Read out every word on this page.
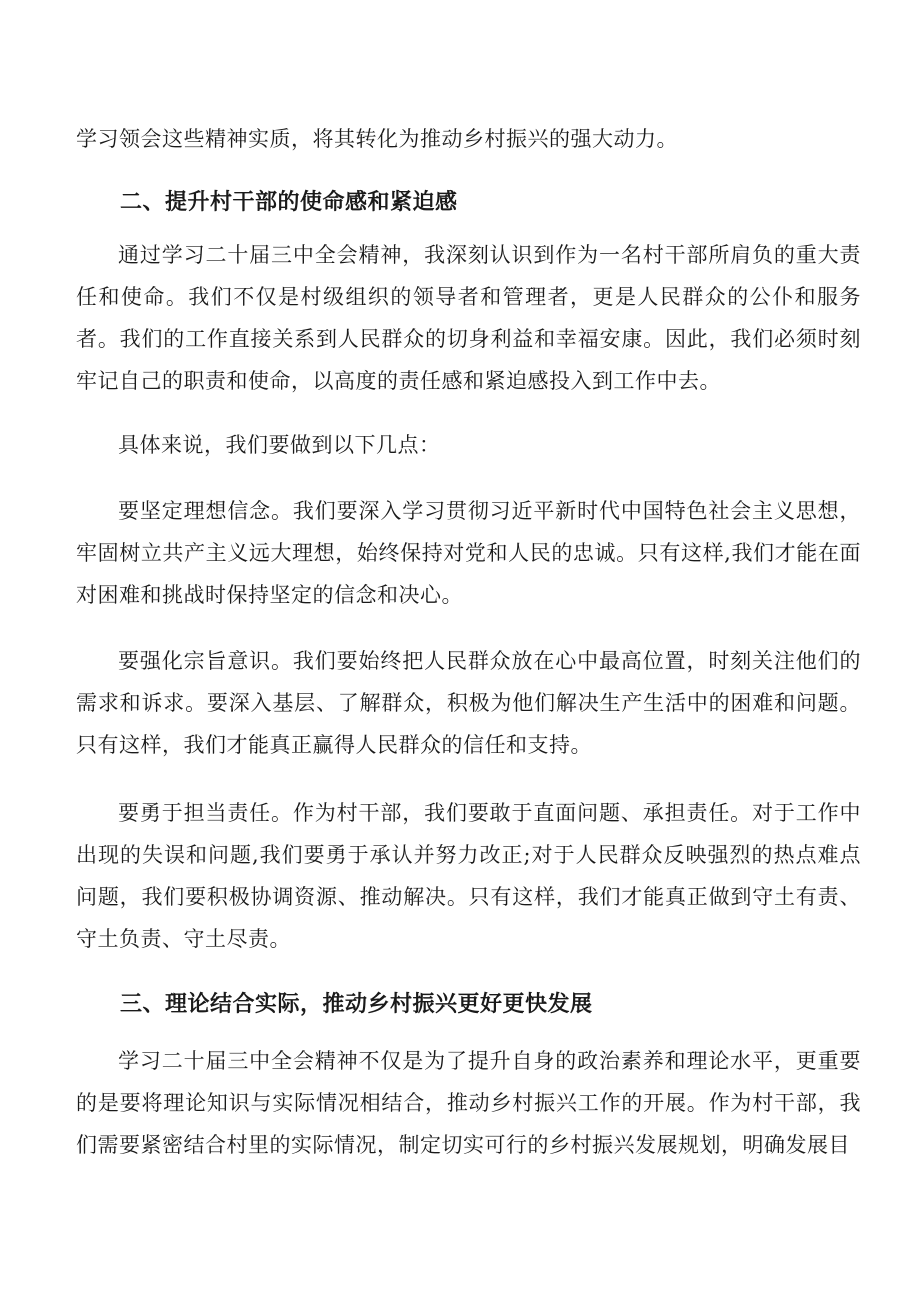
学习领会这些精神实质，将其转化为推动乡村振兴的强大动力。

二、提升村干部的使命感和紧迫感

通过学习二十届三中全会精神，我深刻认识到作为一名村干部所肩负的重大责任和使命。我们不仅是村级组织的领导者和管理者，更是人民群众的公仆和服务者。我们的工作直接关系到人民群众的切身利益和幸福安康。因此，我们必须时刻牢记自己的职责和使命，以高度的责任感和紧迫感投入到工作中去。

具体来说，我们要做到以下几点：

要坚定理想信念。我们要深入学习贯彻习近平新时代中国特色社会主义思想，牢固树立共产主义远大理想，始终保持对党和人民的忠诚。只有这样,我们才能在面对困难和挑战时保持坚定的信念和决心。

要强化宗旨意识。我们要始终把人民群众放在心中最高位置，时刻关注他们的需求和诉求。要深入基层、了解群众，积极为他们解决生产生活中的困难和问题。只有这样，我们才能真正赢得人民群众的信任和支持。

要勇于担当责任。作为村干部，我们要敢于直面问题、承担责任。对于工作中出现的失误和问题,我们要勇于承认并努力改正;对于人民群众反映强烈的热点难点问题，我们要积极协调资源、推动解决。只有这样，我们才能真正做到守土有责、守土负责、守土尽责。

三、理论结合实际，推动乡村振兴更好更快发展

学习二十届三中全会精神不仅是为了提升自身的政治素养和理论水平，更重要的是要将理论知识与实际情况相结合，推动乡村振兴工作的开展。作为村干部，我们需要紧密结合村里的实际情况，制定切实可行的乡村振兴发展规划，明确发展目
